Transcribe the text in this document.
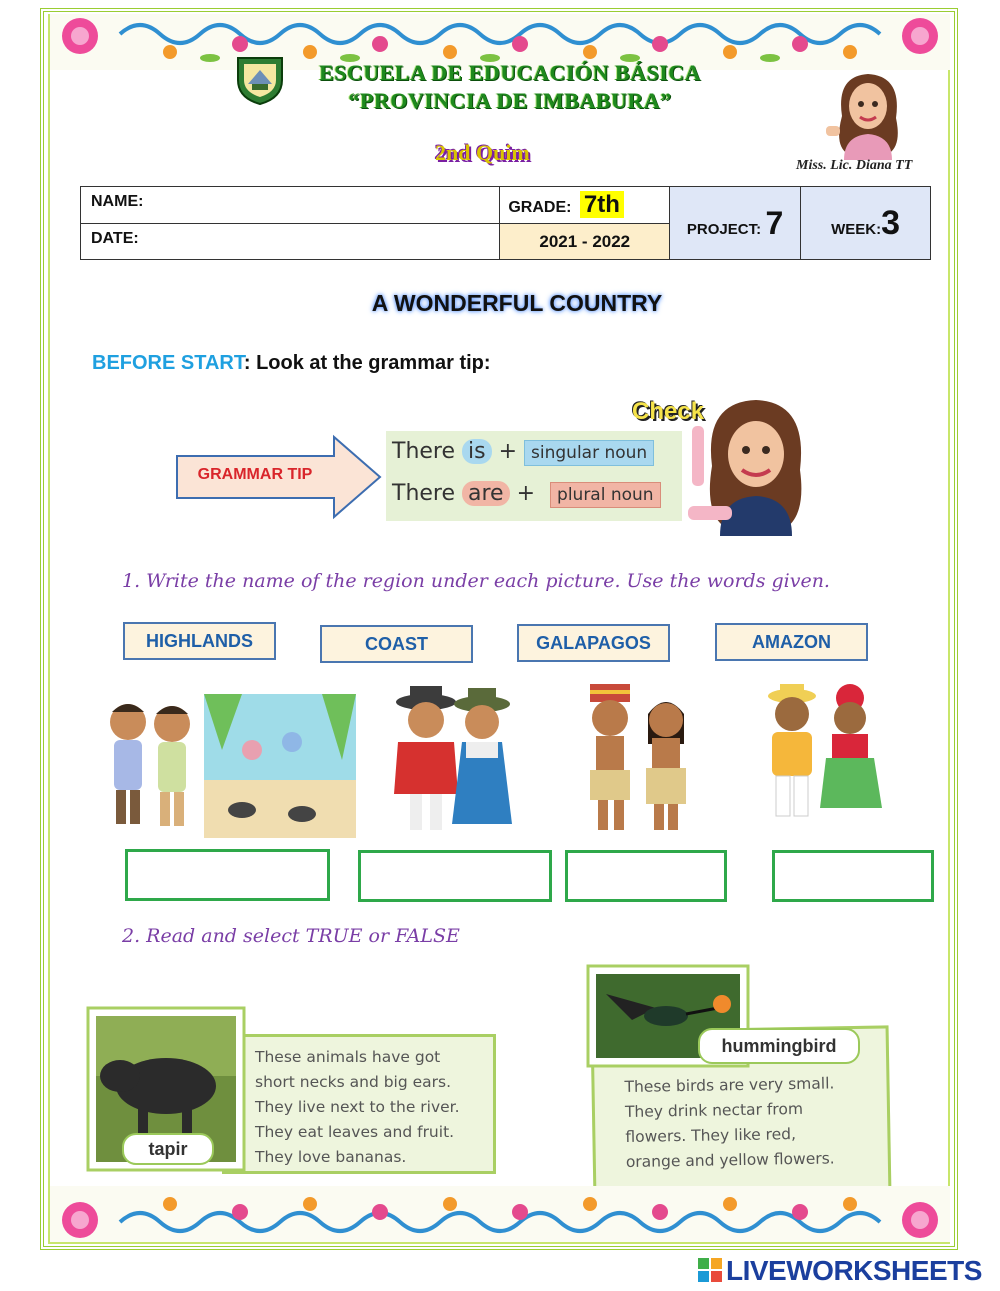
ESCUELA DE EDUCACIÓN BÁSICA
“PROVINCIA DE IMBABURA”
2nd Quim
Miss. Lic. Diana TT
NAME:	GRADE: 7th	PROJECT: 7	WEEK:3
DATE:	2021 - 2022		
A WONDERFUL COUNTRY
BEFORE START: Look at the grammar tip:
GRAMMAR TIP
There is + singular noun
There are + plural noun
Check
1. Write the name of the region under each picture. Use the words given.
HIGHLANDS	COAST	GALAPAGOS	AMAZON
2. Read and select TRUE or FALSE
These animals have got
short necks and big ears.
They live next to the river.
They eat leaves and fruit.
They love bananas.
tapir
These birds are very small.
They drink nectar from
flowers. They like red,
orange and yellow flowers.
hummingbird
LIVEWORKSHEETS
